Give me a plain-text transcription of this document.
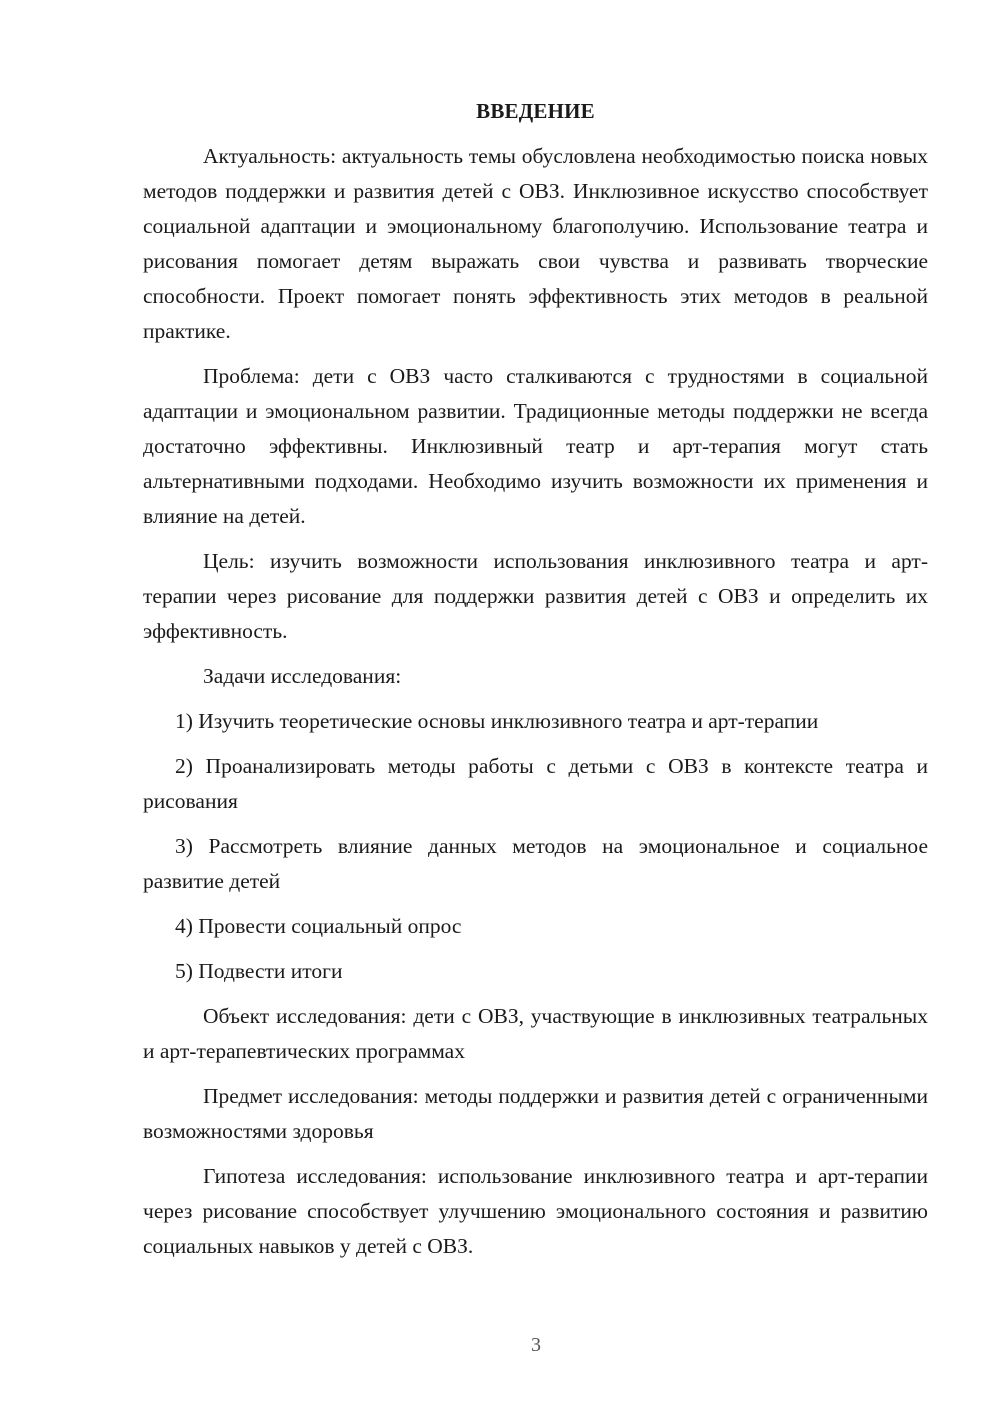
ВВЕДЕНИЕ

Актуальность: актуальность темы обусловлена необходимостью поиска новых методов поддержки и развития детей с ОВЗ. Инклюзивное искусство способствует социальной адаптации и эмоциональному благополучию. Использование театра и рисования помогает детям выражать свои чувства и развивать творческие способности. Проект помогает понять эффективность этих методов в реальной практике.

Проблема: дети с ОВЗ часто сталкиваются с трудностями в социальной адаптации и эмоциональном развитии. Традиционные методы поддержки не всегда достаточно эффективны. Инклюзивный театр и арт-терапия могут стать альтернативными подходами. Необходимо изучить возможности их применения и влияние на детей.

Цель: изучить возможности использования инклюзивного театра и арт-терапии через рисование для поддержки развития детей с ОВЗ и определить их эффективность.

Задачи исследования:

1) Изучить теоретические основы инклюзивного театра и арт-терапии

2) Проанализировать методы работы с детьми с ОВЗ в контексте театра и рисования

3) Рассмотреть влияние данных методов на эмоциональное и социальное развитие детей

4) Провести социальный опрос

5) Подвести итоги

Объект исследования: дети с ОВЗ, участвующие в инклюзивных театральных и арт-терапевтических программах

Предмет исследования: методы поддержки и развития детей с ограниченными возможностями здоровья

Гипотеза исследования: использование инклюзивного театра и арт-терапии через рисование способствует улучшению эмоционального состояния и развитию социальных навыков у детей с ОВЗ.

3
